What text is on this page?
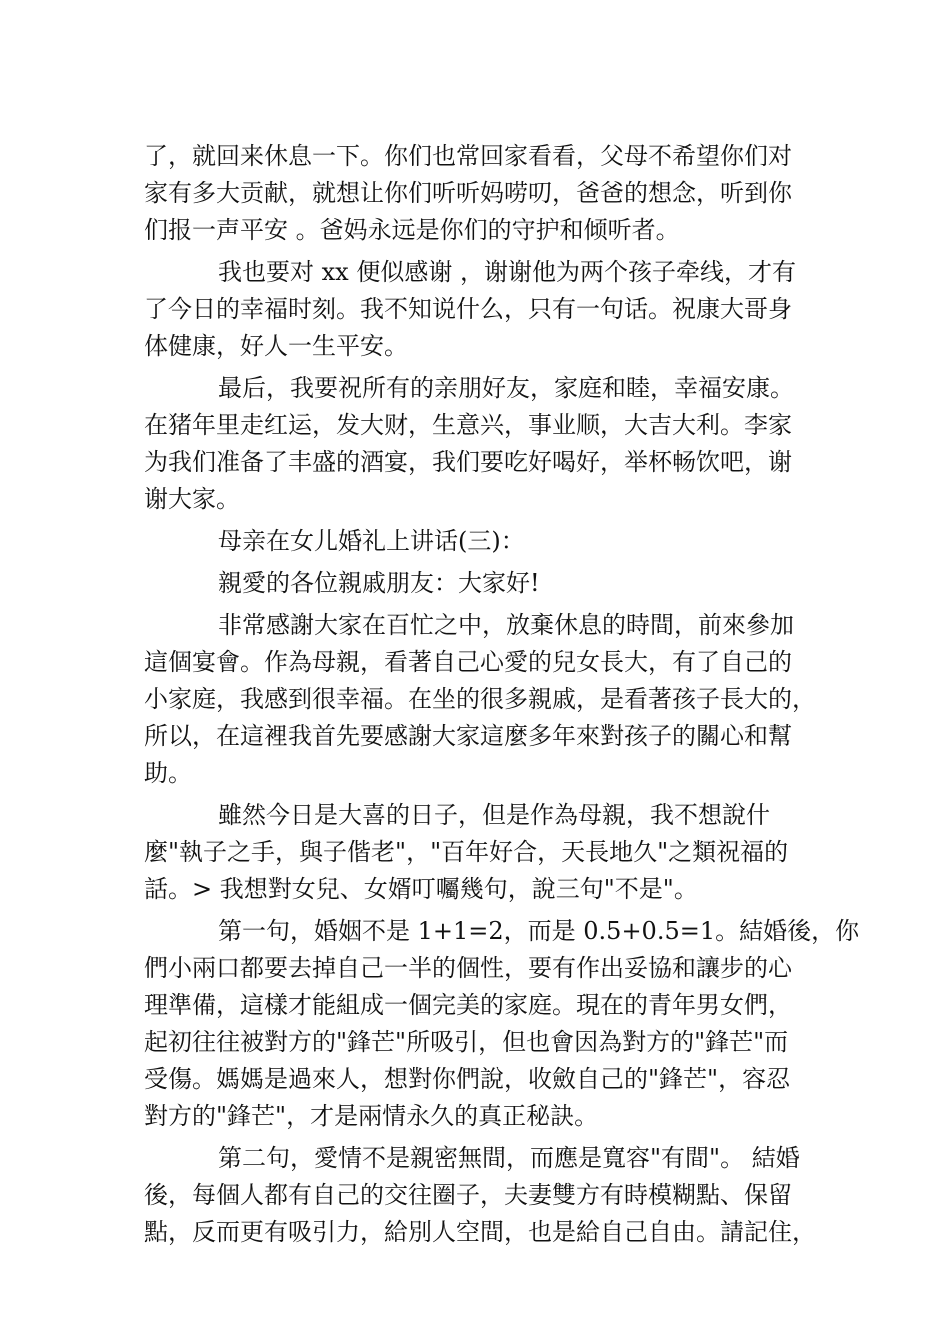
了，就回来休息一下。你们也常回家看看，父母不希望你们对
家有多大贡献，就想让你们听听妈唠叨，爸爸的想念，听到你
们报一声平安 。爸妈永远是你们的守护和倾听者。
我也要对 xx 便似感谢 ，谢谢他为两个孩子牵线，才有
了今日的幸福时刻。我不知说什么，只有一句话。祝康大哥身
体健康，好人一生平安。
最后，我要祝所有的亲朋好友，家庭和睦，幸福安康。
在猪年里走红运，发大财，生意兴，事业顺，大吉大利。李家
为我们准备了丰盛的酒宴，我们要吃好喝好，举杯畅饮吧，谢
谢大家。
母亲在女儿婚礼上讲话(三)：
親愛的各位親戚朋友：大家好!
非常感謝大家在百忙之中，放棄休息的時間，前來參加
這個宴會。作為母親，看著自己心愛的兒女長大，有了自己的
小家庭，我感到很幸福。在坐的很多親戚，是看著孩子長大的，
所以，在這裡我首先要感謝大家這麼多年來對孩子的關心和幫
助。
雖然今日是大喜的日子，但是作為母親，我不想說什
麼"執子之手，與子偕老"，"百年好合，天長地久"之類祝福的
話。> 我想對女兒、女婿叮囑幾句，說三句"不是"。
第一句，婚姻不是 1+1=2，而是 0.5+0.5=1。結婚後，你
們小兩口都要去掉自己一半的個性，要有作出妥協和讓步的心
理準備，這樣才能組成一個完美的家庭。現在的青年男女們，
起初往往被對方的"鋒芒"所吸引，但也會因為對方的"鋒芒"而
受傷。媽媽是過來人，想對你們說，收斂自己的"鋒芒"，容忍
對方的"鋒芒"，才是兩情永久的真正秘訣。
第二句，愛情不是親密無間，而應是寬容"有間"。 結婚
後，每個人都有自己的交往圈子，夫妻雙方有時模糊點、保留
點，反而更有吸引力，給別人空間，也是給自己自由。請記住，
